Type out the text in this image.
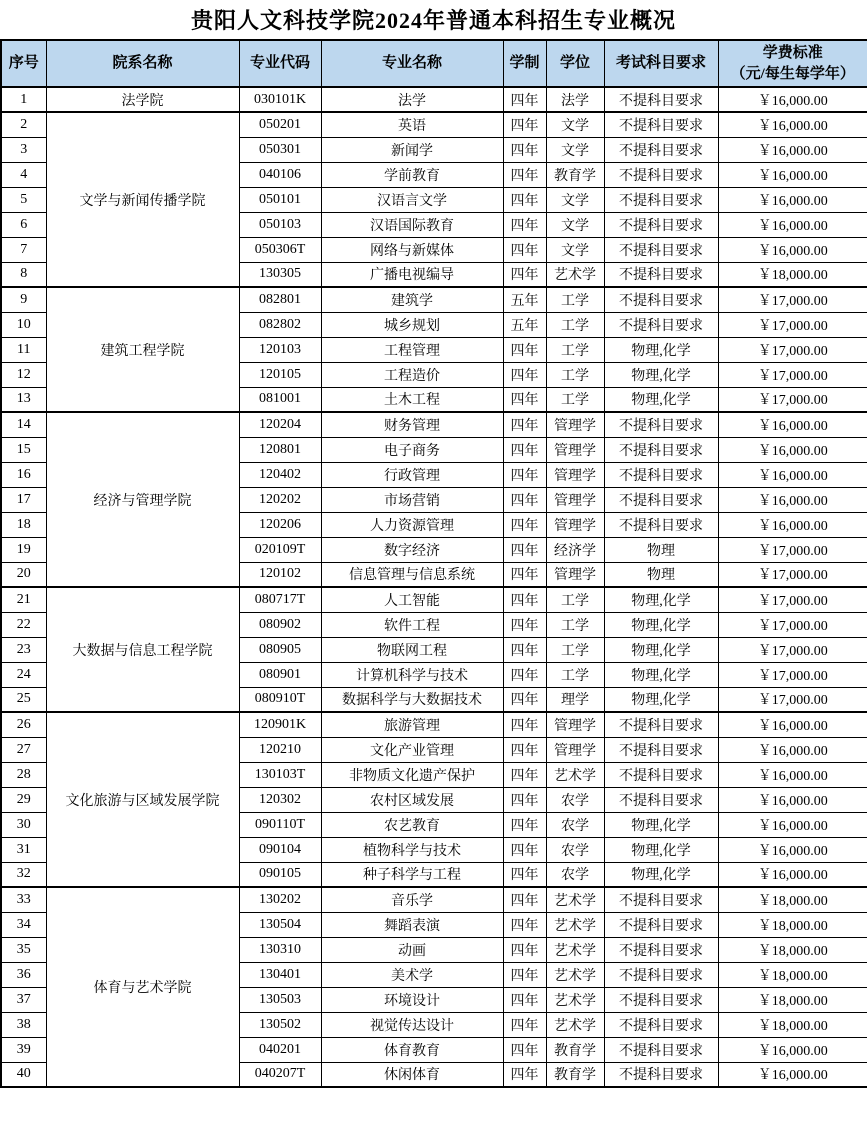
贵阳人文科技学院2024年普通本科招生专业概况
序号	院系名称	专业代码	专业名称	学制	学位	考试科目要求	学费标准
（元/每生每学年）
1	法学院	030101K	法学	四年	法学	不提科目要求	￥16,000.00
2	文学与新闻传播学院	050201	英语	四年	文学	不提科目要求	￥16,000.00
3		050301	新闻学	四年	文学	不提科目要求	￥16,000.00
4		040106	学前教育	四年	教育学	不提科目要求	￥16,000.00
5		050101	汉语言文学	四年	文学	不提科目要求	￥16,000.00
6		050103	汉语国际教育	四年	文学	不提科目要求	￥16,000.00
7		050306T	网络与新媒体	四年	文学	不提科目要求	￥16,000.00
8		130305	广播电视编导	四年	艺术学	不提科目要求	￥18,000.00
9	建筑工程学院	082801	建筑学	五年	工学	不提科目要求	￥17,000.00
10		082802	城乡规划	五年	工学	不提科目要求	￥17,000.00
11		120103	工程管理	四年	工学	物理,化学	￥17,000.00
12		120105	工程造价	四年	工学	物理,化学	￥17,000.00
13		081001	土木工程	四年	工学	物理,化学	￥17,000.00
14	经济与管理学院	120204	财务管理	四年	管理学	不提科目要求	￥16,000.00
15		120801	电子商务	四年	管理学	不提科目要求	￥16,000.00
16		120402	行政管理	四年	管理学	不提科目要求	￥16,000.00
17		120202	市场营销	四年	管理学	不提科目要求	￥16,000.00
18		120206	人力资源管理	四年	管理学	不提科目要求	￥16,000.00
19		020109T	数字经济	四年	经济学	物理	￥17,000.00
20		120102	信息管理与信息系统	四年	管理学	物理	￥17,000.00
21	大数据与信息工程学院	080717T	人工智能	四年	工学	物理,化学	￥17,000.00
22		080902	软件工程	四年	工学	物理,化学	￥17,000.00
23		080905	物联网工程	四年	工学	物理,化学	￥17,000.00
24		080901	计算机科学与技术	四年	工学	物理,化学	￥17,000.00
25		080910T	数据科学与大数据技术	四年	理学	物理,化学	￥17,000.00
26	文化旅游与区域发展学院	120901K	旅游管理	四年	管理学	不提科目要求	￥16,000.00
27		120210	文化产业管理	四年	管理学	不提科目要求	￥16,000.00
28		130103T	非物质文化遗产保护	四年	艺术学	不提科目要求	￥16,000.00
29		120302	农村区域发展	四年	农学	不提科目要求	￥16,000.00
30		090110T	农艺教育	四年	农学	物理,化学	￥16,000.00
31		090104	植物科学与技术	四年	农学	物理,化学	￥16,000.00
32		090105	种子科学与工程	四年	农学	物理,化学	￥16,000.00
33	体育与艺术学院	130202	音乐学	四年	艺术学	不提科目要求	￥18,000.00
34		130504	舞蹈表演	四年	艺术学	不提科目要求	￥18,000.00
35		130310	动画	四年	艺术学	不提科目要求	￥18,000.00
36		130401	美术学	四年	艺术学	不提科目要求	￥18,000.00
37		130503	环境设计	四年	艺术学	不提科目要求	￥18,000.00
38		130502	视觉传达设计	四年	艺术学	不提科目要求	￥18,000.00
39		040201	体育教育	四年	教育学	不提科目要求	￥16,000.00
40		040207T	休闲体育	四年	教育学	不提科目要求	￥16,000.00
